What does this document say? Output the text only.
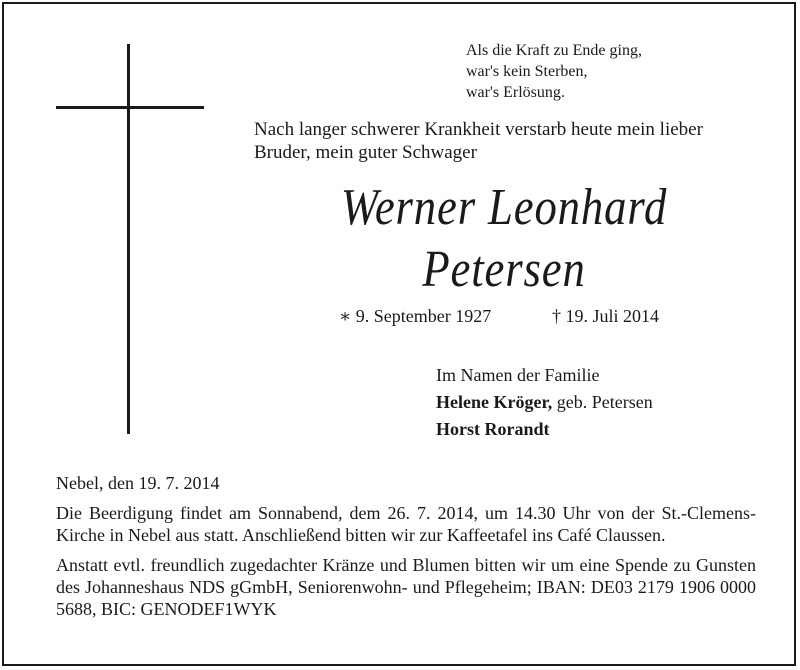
Als die Kraft zu Ende ging,
war's kein Sterben,
war's Erlösung.
Nach langer schwerer Krankheit verstarb heute mein lieber
Bruder, mein guter Schwager
Werner Leonhard
Petersen
∗ 9. September 1927	† 19. Juli 2014
Im Namen der Familie
Helene Kröger, geb. Petersen
Horst Rorandt

Nebel, den 19. 7. 2014

Die Beerdigung findet am Sonnabend, dem 26. 7. 2014, um 14.30 Uhr von der St.-Clemens-Kirche in Nebel aus statt. Anschließend bitten wir zur Kaffeetafel ins Café Claussen.

Anstatt evtl. freundlich zugedachter Kränze und Blumen bitten wir um eine Spende zu Gunsten des Johanneshaus NDS gGmbH, Seniorenwohn- und Pflegeheim; IBAN: DE03 2179 1906 0000 5688, BIC: GENODEF1WYK
